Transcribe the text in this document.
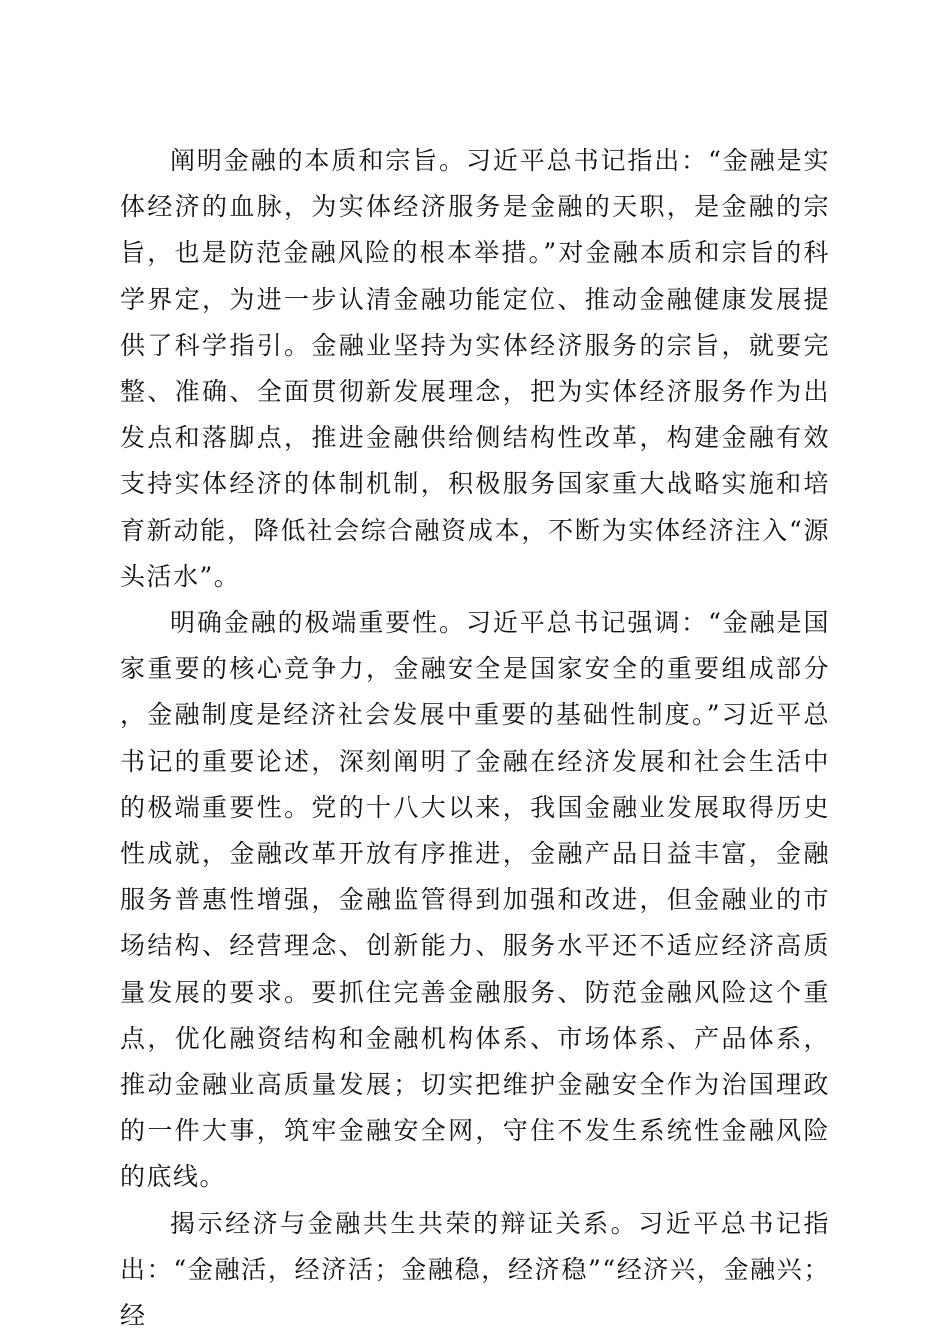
阐明金融的本质和宗旨。习近平总书记指出：“金融是实体经济的血脉，为实体经济服务是金融的天职，是金融的宗旨，也是防范金融风险的根本举措。”对金融本质和宗旨的科学界定，为进一步认清金融功能定位、推动金融健康发展提供了科学指引。金融业坚持为实体经济服务的宗旨，就要完整、准确、全面贯彻新发展理念，把为实体经济服务作为出发点和落脚点，推进金融供给侧结构性改革，构建金融有效支持实体经济的体制机制，积极服务国家重大战略实施和培育新动能，降低社会综合融资成本，不断为实体经济注入“源头活水”。

明确金融的极端重要性。习近平总书记强调：“金融是国家重要的核心竞争力，金融安全是国家安全的重要组成部分，金融制度是经济社会发展中重要的基础性制度。”习近平总书记的重要论述，深刻阐明了金融在经济发展和社会生活中的极端重要性。党的十八大以来，我国金融业发展取得历史性成就，金融改革开放有序推进，金融产品日益丰富，金融服务普惠性增强，金融监管得到加强和改进，但金融业的市场结构、经营理念、创新能力、服务水平还不适应经济高质量发展的要求。要抓住完善金融服务、防范金融风险这个重点，优化融资结构和金融机构体系、市场体系、产品体系，推动金融业高质量发展；切实把维护金融安全作为治国理政的一件大事，筑牢金融安全网，守住不发生系统性金融风险的底线。

揭示经济与金融共生共荣的辩证关系。习近平总书记指出：“金融活，经济活；金融稳，经济稳”“经济兴，金融兴；经
